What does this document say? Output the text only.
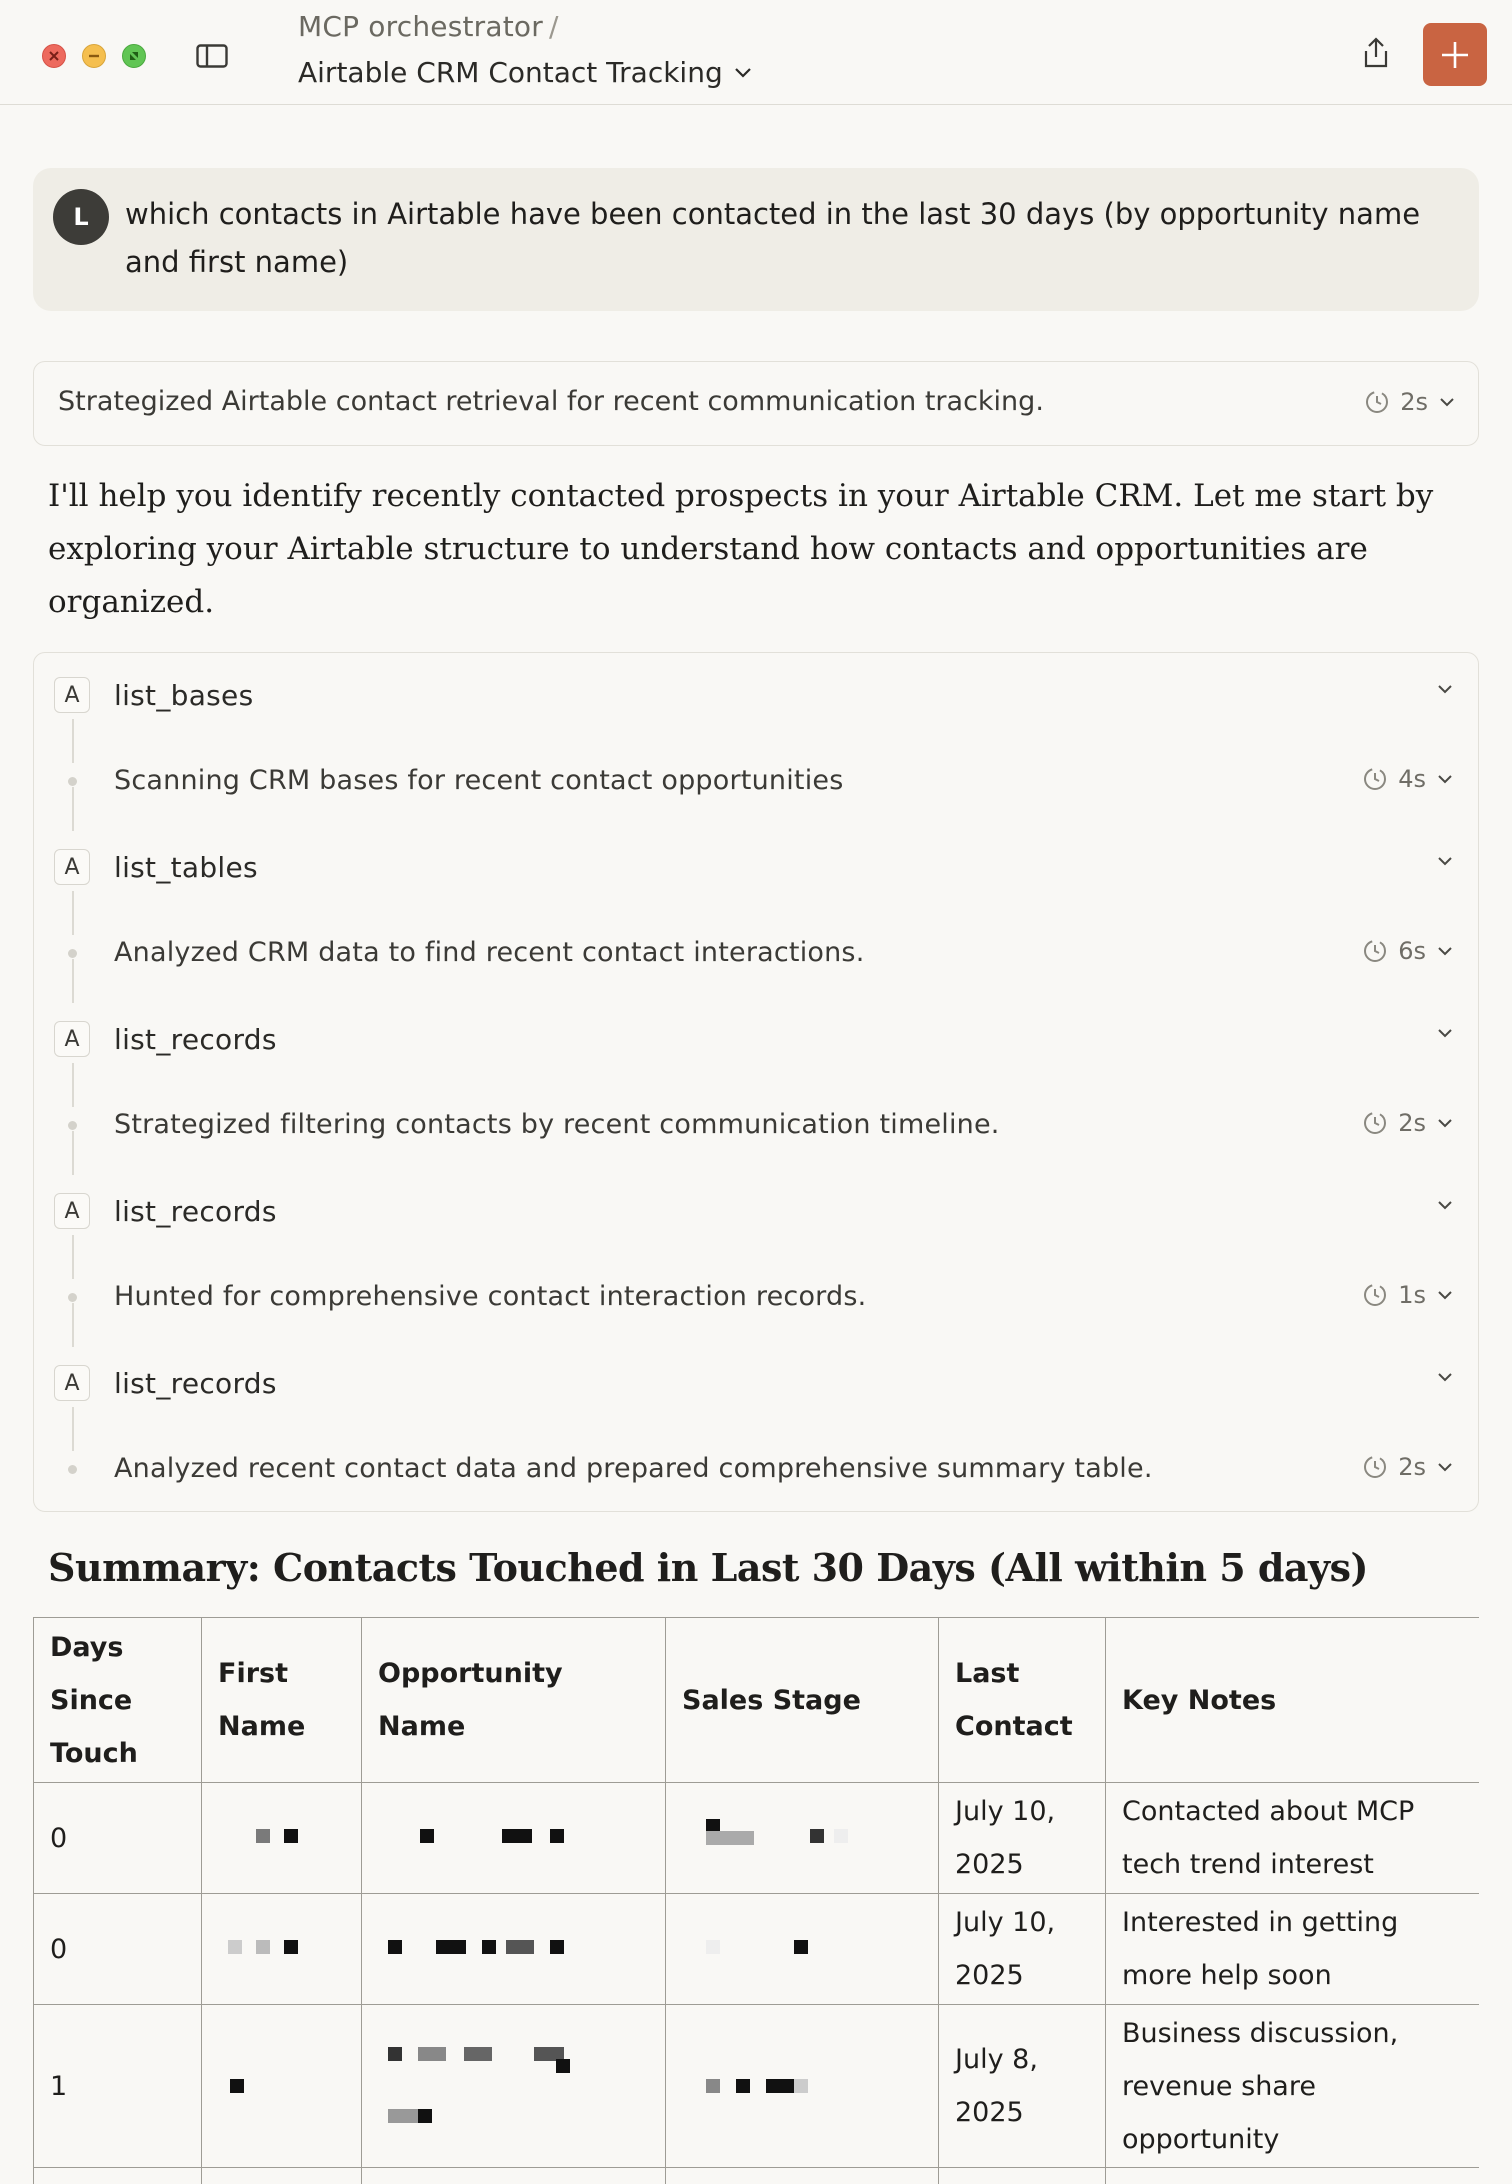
MCP orchestrator /
Airtable CRM Contact Tracking
L	which contacts in Airtable have been contacted in the last 30 days (by opportunity name and first name)
Strategized Airtable contact retrieval for recent communication tracking.	2s
I'll help you identify recently contacted prospects in your Airtable CRM. Let me start by exploring your Airtable structure to understand how contacts and opportunities are organized.
A	list_bases
Scanning CRM bases for recent contact opportunities	4s
A	list_tables
Analyzed CRM data to find recent contact interactions.	6s
A	list_records
Strategized filtering contacts by recent communication timeline.	2s
A	list_records
Hunted for comprehensive contact interaction records.	1s
A	list_records
Analyzed recent contact data and prepared comprehensive summary table.	2s
Summary: Contacts Touched in Last 30 Days (All within 5 days)
Days Since Touch	First Name	Opportunity Name	Sales Stage	Last Contact	Key Notes
0				July 10, 2025	Contacted about MCP tech trend interest
0				July 10, 2025	Interested in getting more help soon
1				July 8, 2025	Business discussion, revenue share opportunity
